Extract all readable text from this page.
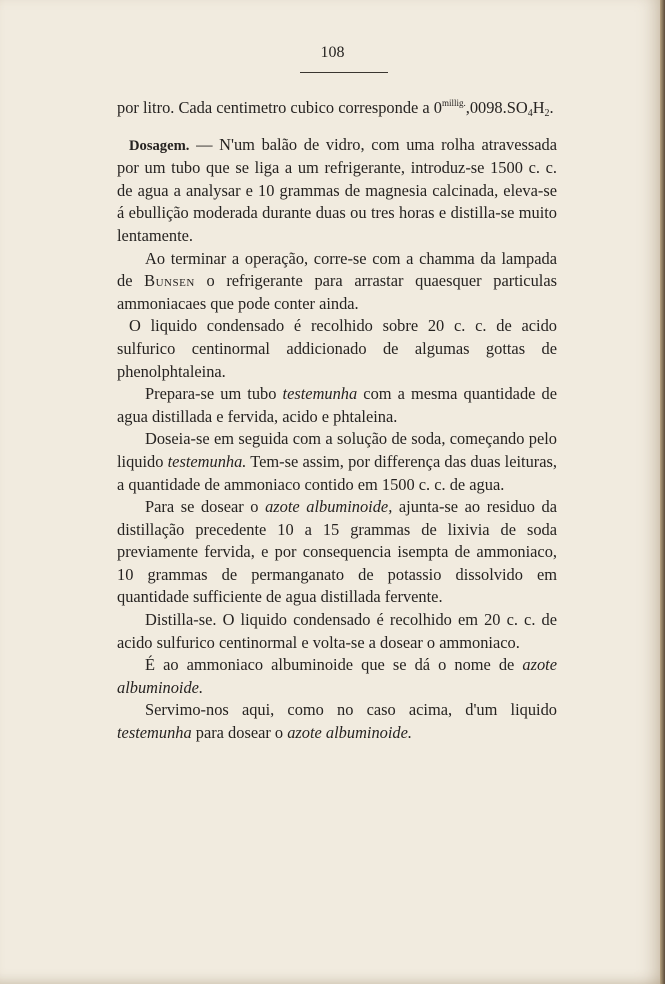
108

por litro. Cada centimetro cubico corresponde a $0^{millig.},0098.SO_4H_2$.

Dosagem. — N'um balão de vidro, com uma rolha atravessada por um tubo que se liga a um refrigerante, introduz-se 1500 c. c. de agua a analysar e 10 grammas de magnesia calcinada, eleva-se á ebullição moderada durante duas ou tres horas e distilla-se muito lentamente.

Ao terminar a operação, corre-se com a chamma da lampada de Bunsen o refrigerante para arrastar quaesquer particulas ammoniacaes que pode conter ainda.

O liquido condensado é recolhido sobre 20 c. c. de acido sulfurico centinormal addicionado de algumas gottas de phenolphtaleina.

Prepara-se um tubo testemunha com a mesma quantidade de agua distillada e fervida, acido e phtaleina.

Doseia-se em seguida com a solução de soda, começando pelo liquido testemunha. Tem-se assim, por differença das duas leituras, a quantidade de ammoniaco contido em 1500 c. c. de agua.

Para se dosear o azote albuminoide, ajunta-se ao residuo da distillação precedente 10 a 15 grammas de lixivia de soda previamente fervida, e por consequencia isempta de ammoniaco, 10 grammas de permanganato de potassio dissolvido em quantidade sufficiente de agua distillada fervente.

Distilla-se. O liquido condensado é recolhido em 20 c. c. de acido sulfurico centinormal e volta-se a dosear o ammoniaco.

É ao ammoniaco albuminoide que se dá o nome de azote albuminoide.

Servimo-nos aqui, como no caso acima, d'um liquido testemunha para dosear o azote albuminoide.
